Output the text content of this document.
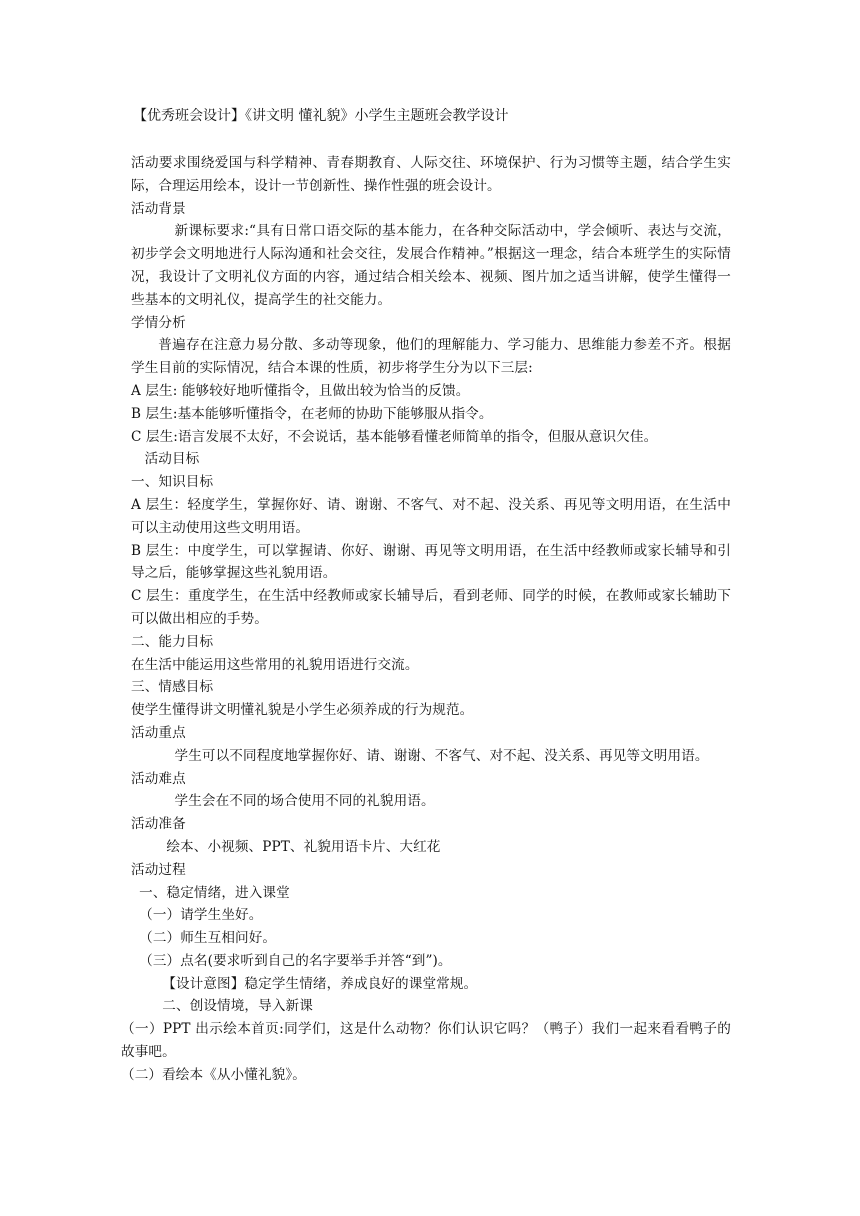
【优秀班会设计】《讲文明 懂礼貌》小学生主题班会教学设计

活动要求围绕爱国与科学精神、青春期教育、人际交往、环境保护、行为习惯等主题，结合学生实际，合理运用绘本，设计一节创新性、操作性强的班会设计。

活动背景

新课标要求:“具有日常口语交际的基本能力，在各种交际活动中，学会倾听、表达与交流，初步学会文明地进行人际沟通和社会交往，发展合作精神。”根据这一理念，结合本班学生的实际情况，我设计了文明礼仪方面的内容，通过结合相关绘本、视频、图片加之适当讲解，使学生懂得一些基本的文明礼仪，提高学生的社交能力。

学情分析

普遍存在注意力易分散、多动等现象，他们的理解能力、学习能力、思维能力参差不齐。根据学生目前的实际情况，结合本课的性质，初步将学生分为以下三层:

A 层生: 能够较好地听懂指令，且做出较为恰当的反馈。

B 层生:基本能够听懂指令，在老师的协助下能够服从指令。

C 层生:语言发展不太好，不会说话，基本能够看懂老师简单的指令，但服从意识欠佳。

活动目标

一、知识目标

A 层生：轻度学生，掌握你好、请、谢谢、不客气、对不起、没关系、再见等文明用语，在生活中可以主动使用这些文明用语。

B 层生：中度学生，可以掌握请、你好、谢谢、再见等文明用语，在生活中经教师或家长辅导和引导之后，能够掌握这些礼貌用语。

C 层生：重度学生，在生活中经教师或家长辅导后，看到老师、同学的时候，在教师或家长辅助下可以做出相应的手势。

二、能力目标

在生活中能运用这些常用的礼貌用语进行交流。

三、情感目标

使学生懂得讲文明懂礼貌是小学生必须养成的行为规范。

活动重点

学生可以不同程度地掌握你好、请、谢谢、不客气、对不起、没关系、再见等文明用语。

活动难点

学生会在不同的场合使用不同的礼貌用语。

活动准备

绘本、小视频、PPT、礼貌用语卡片、大红花

活动过程

一、稳定情绪，进入课堂

（一）请学生坐好。

（二）师生互相问好。

（三）点名(要求听到自己的名字要举手并答“到”)。

【设计意图】稳定学生情绪，养成良好的课堂常规。

二、创设情境，导入新课

（一）PPT 出示绘本首页:同学们，这是什么动物？你们认识它吗？（鸭子）我们一起来看看鸭子的故事吧。

（二）看绘本《从小懂礼貌》。
